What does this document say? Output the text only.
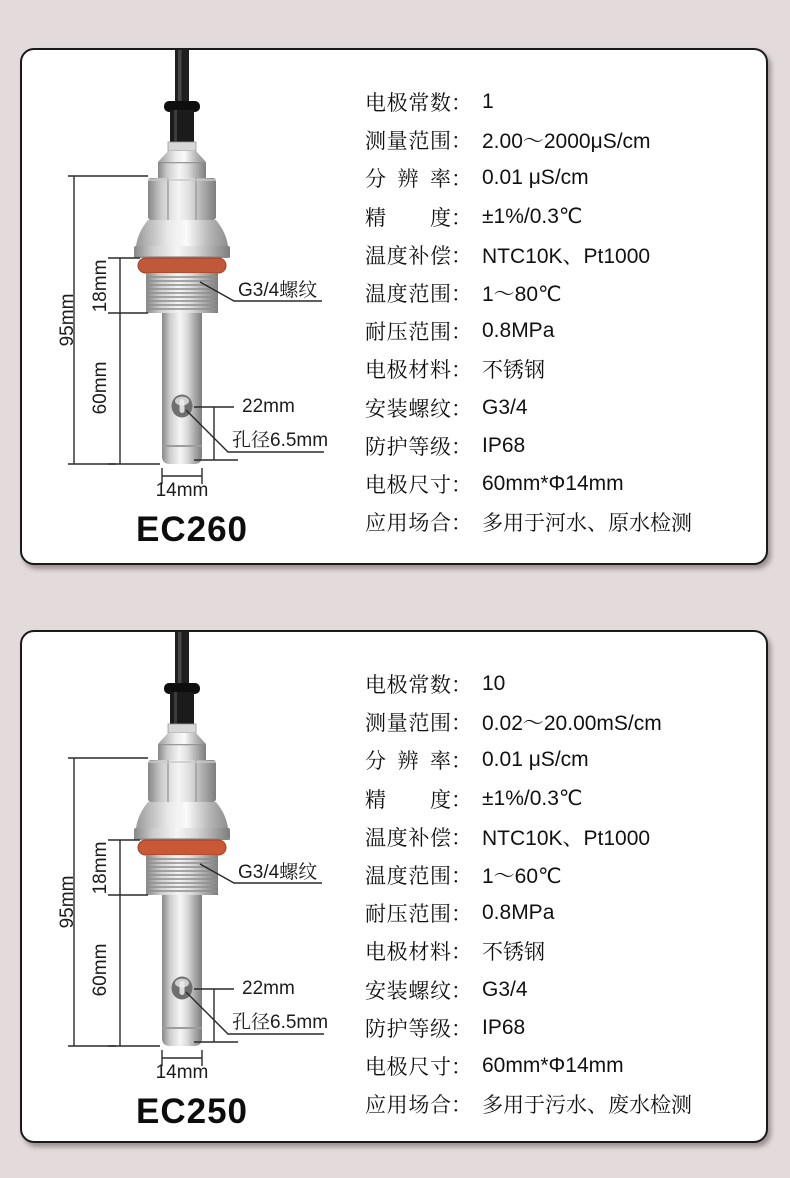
95mm
18mm
60mm	22mm
孔径6.5mm
G3/4螺纹
14mm
EC260
电极常数 ： 1
测量范围 ： 2.00～2000μS/cm
分辨率 ： 0.01 μS/cm
精度 ： ±1%/0.3℃
温度补偿 ： NTC10K、Pt1000
温度范围 ： 1～80℃
耐压范围 ： 0.8MPa
电极材料 ： 不锈钢
安装螺纹 ： G3/4
防护等级 ： IP68
电极尺寸 ： 60mm*Φ14mm
应用场合 ： 多用于河水、原水检测
95mm
18mm
60mm	22mm
孔径6.5mm
G3/4螺纹
14mm
EC250
电极常数 ： 10
测量范围 ： 0.02～20.00mS/cm
分辨率 ： 0.01 μS/cm
精度 ： ±1%/0.3℃
温度补偿 ： NTC10K、Pt1000
温度范围 ： 1～60℃
耐压范围 ： 0.8MPa
电极材料 ： 不锈钢
安装螺纹 ： G3/4
防护等级 ： IP68
电极尺寸 ： 60mm*Φ14mm
应用场合 ： 多用于污水、废水检测
